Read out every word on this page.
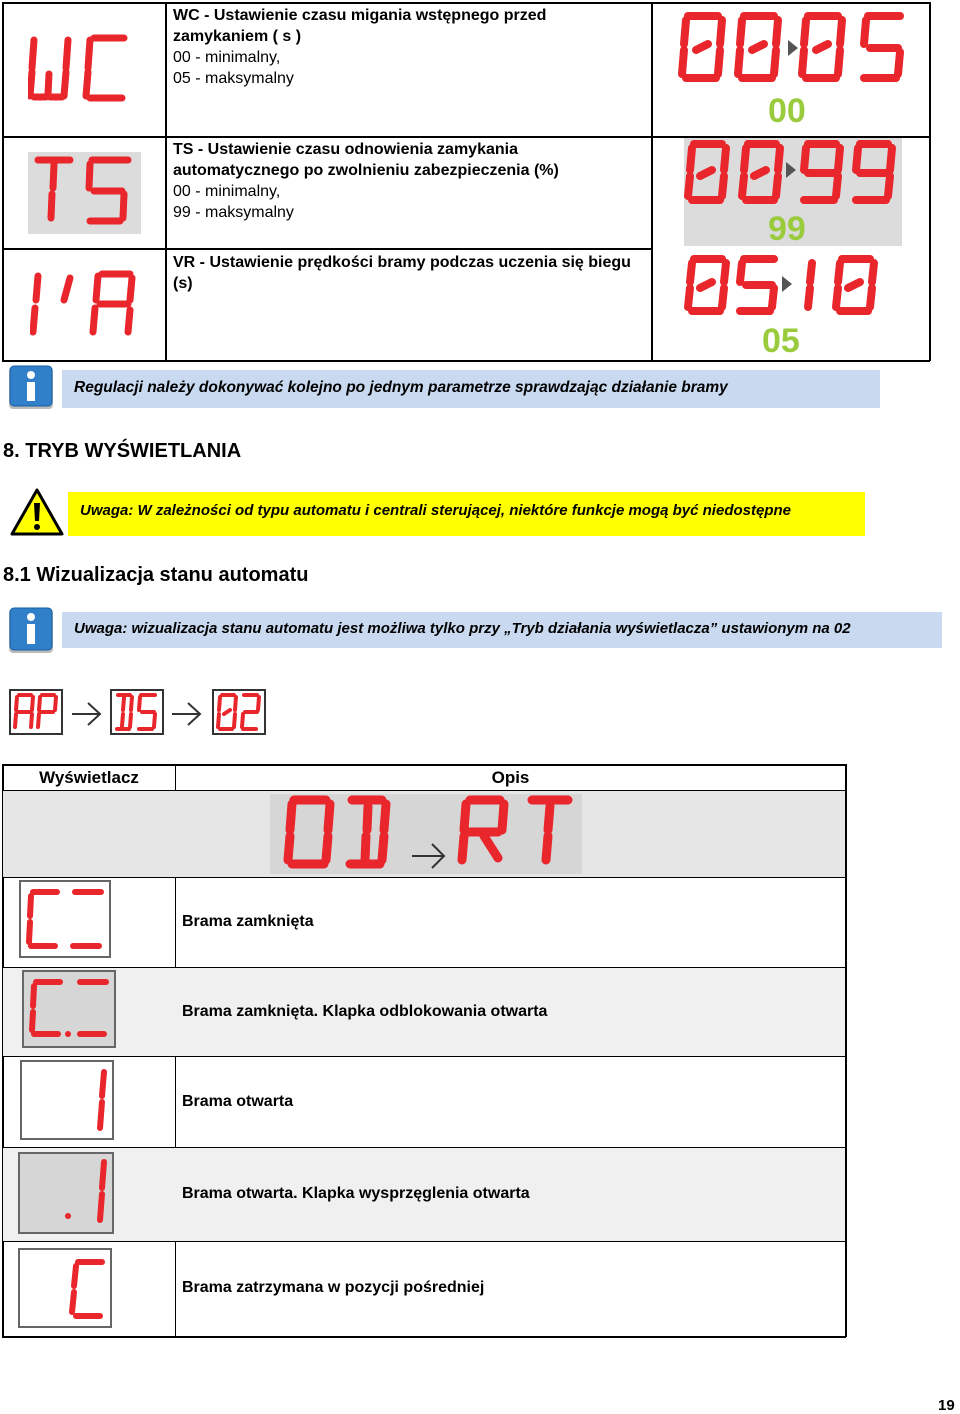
WC - Ustawienie czasu migania wstępnego przed zamykaniem ( s )
00 - minimalny,
05 - maksymalny
TS - Ustawienie czasu odnowienia zamykania automatycznego po zwolnieniu zabezpieczenia (%)
00 - minimalny,
99 - maksymalny
VR - Ustawienie prędkości bramy podczas uczenia się biegu (s)
00
99
05
Regulacji należy dokonywać kolejno po jednym parametrze sprawdzając działanie bramy
8. TRYB WYŚWIETLANIA
Uwaga: W zależności od typu automatu i centrali sterującej, niektóre funkcje mogą być niedostępne
8.1 Wizualizacja stanu automatu
Uwaga: wizualizacja stanu automatu jest możliwa tylko przy „Tryb działania wyświetlacza” ustawionym na 02
Wyświetlacz	Opis
Brama zamknięta
Brama zamknięta. Klapka odblokowania otwarta
Brama otwarta
Brama otwarta. Klapka wysprzęglenia otwarta
Brama zatrzymana w pozycji pośredniej
19
